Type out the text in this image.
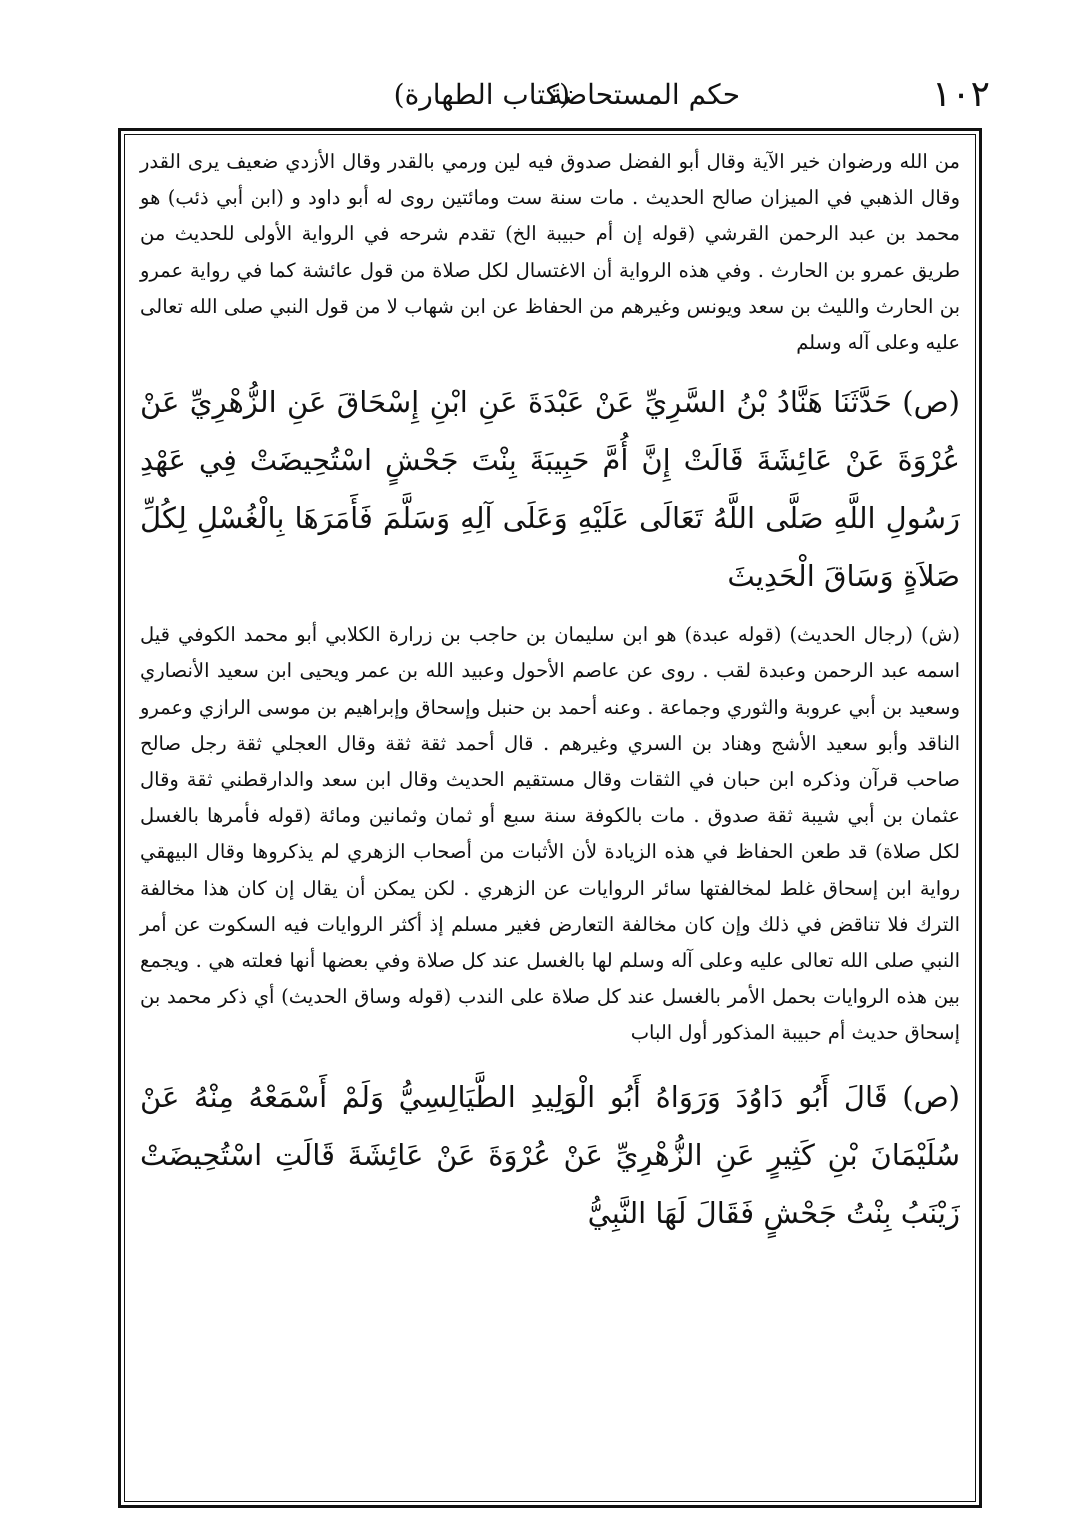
١٠٢
حكم المستحاضة
(كتاب الطهارة)

من الله ورضوان خير الآية وقال أبو الفضل صدوق فيه لين ورمي بالقدر وقال الأزدي ضعيف يرى القدر وقال الذهبي في الميزان صالح الحديث . مات سنة ست ومائتين روى له أبو داود و (ابن أبي ذئب) هو محمد بن عبد الرحمن القرشي (قوله إن أم حبيبة الخ) تقدم شرحه في الرواية الأولى للحديث من طريق عمرو بن الحارث . وفي هذه الرواية أن الاغتسال لكل صلاة من قول عائشة كما في رواية عمرو بن الحارث والليث بن سعد ويونس وغيرهم من الحفاظ عن ابن شهاب لا من قول النبي صلى الله تعالى عليه وعلى آله وسلم

(ص) حَدَّثَنَا هَنَّادُ بْنُ السَّرِيِّ عَنْ عَبْدَةَ عَنِ ابْنِ إِسْحَاقَ عَنِ الزُّهْرِيِّ عَنْ عُرْوَةَ عَنْ عَائِشَةَ قَالَتْ إِنَّ أُمَّ حَبِيبَةَ بِنْتَ جَحْشٍ اسْتُحِيضَتْ فِي عَهْدِ رَسُولِ اللَّهِ صَلَّى اللَّهُ تَعَالَى عَلَيْهِ وَعَلَى آلِهِ وَسَلَّمَ فَأَمَرَهَا بِالْغُسْلِ لِكُلِّ صَلاَةٍ وَسَاقَ الْحَدِيثَ

(ش) (رجال الحديث) (قوله عبدة) هو ابن سليمان بن حاجب بن زرارة الكلابي أبو محمد الكوفي قيل اسمه عبد الرحمن وعبدة لقب . روى عن عاصم الأحول وعبيد الله بن عمر ويحيى ابن سعيد الأنصاري وسعيد بن أبي عروبة والثوري وجماعة . وعنه أحمد بن حنبل وإسحاق وإبراهيم بن موسى الرازي وعمرو الناقد وأبو سعيد الأشج وهناد بن السري وغيرهم . قال أحمد ثقة ثقة وقال العجلي ثقة رجل صالح صاحب قرآن وذكره ابن حبان في الثقات وقال مستقيم الحديث وقال ابن سعد والدارقطني ثقة وقال عثمان بن أبي شيبة ثقة صدوق . مات بالكوفة سنة سبع أو ثمان وثمانين ومائة (قوله فأمرها بالغسل لكل صلاة) قد طعن الحفاظ في هذه الزيادة لأن الأثبات من أصحاب الزهري لم يذكروها وقال البيهقي رواية ابن إسحاق غلط لمخالفتها سائر الروايات عن الزهري . لكن يمكن أن يقال إن كان هذا مخالفة الترك فلا تناقض في ذلك وإن كان مخالفة التعارض فغير مسلم إذ أكثر الروايات فيه السكوت عن أمر النبي صلى الله تعالى عليه وعلى آله وسلم لها بالغسل عند كل صلاة وفي بعضها أنها فعلته هي . ويجمع بين هذه الروايات بحمل الأمر بالغسل عند كل صلاة على الندب (قوله وساق الحديث) أي ذكر محمد بن إسحاق حديث أم حبيبة المذكور أول الباب

(ص) قَالَ أَبُو دَاوُدَ وَرَوَاهُ أَبُو الْوَلِيدِ الطَّيَالِسِيُّ وَلَمْ أَسْمَعْهُ مِنْهُ عَنْ سُلَيْمَانَ بْنِ كَثِيرٍ عَنِ الزُّهْرِيِّ عَنْ عُرْوَةَ عَنْ عَائِشَةَ قَالَتِ اسْتُحِيضَتْ زَيْنَبُ بِنْتُ جَحْشٍ فَقَالَ لَهَا النَّبِيُّ
